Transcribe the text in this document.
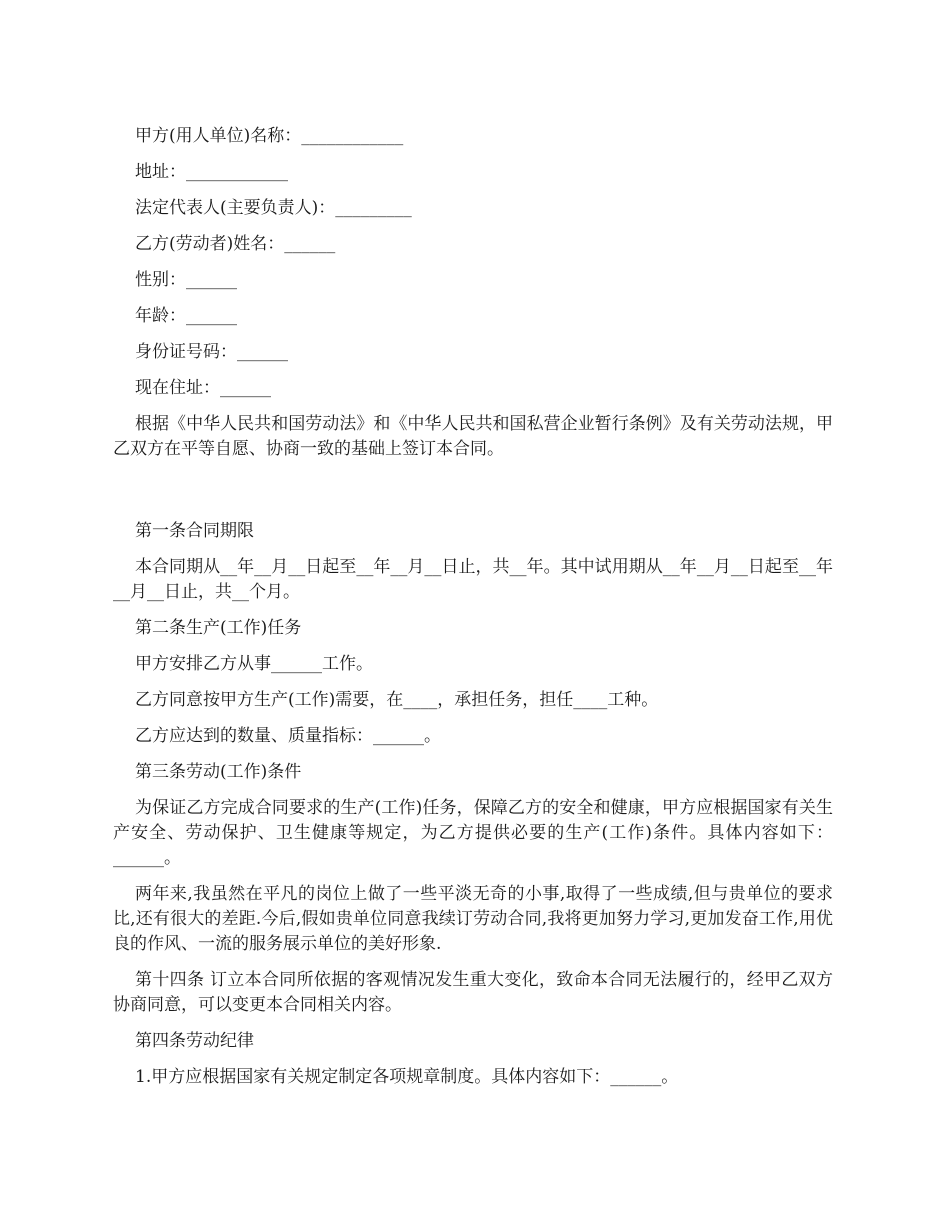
甲方(用人单位)名称：____________
地址：____________
法定代表人(主要负责人)：_________
乙方(劳动者)姓名：______
性别：______
年龄：______
身份证号码：______
现在住址：______

根据《中华人民共和国劳动法》和《中华人民共和国私营企业暂行条例》及有关劳动法规，甲乙双方在平等自愿、协商一致的基础上签订本合同。

第一条合同期限

本合同期从__年__月__日起至__年__月__日止，共__年。其中试用期从__年__月__日起至__年__月__日止，共__个月。

第二条生产(工作)任务
甲方安排乙方从事______工作。
乙方同意按甲方生产(工作)需要，在____，承担任务，担任____工种。
乙方应达到的数量、质量指标：______。
第三条劳动(工作)条件

为保证乙方完成合同要求的生产(工作)任务，保障乙方的安全和健康，甲方应根据国家有关生产安全、劳动保护、卫生健康等规定，为乙方提供必要的生产(工作)条件。具体内容如下：______。

两年来,我虽然在平凡的岗位上做了一些平淡无奇的小事,取得了一些成绩,但与贵单位的要求比,还有很大的差距.今后,假如贵单位同意我续订劳动合同,我将更加努力学习,更加发奋工作,用优良的作风、一流的服务展示单位的美好形象.

第十四条 订立本合同所依据的客观情况发生重大变化，致命本合同无法履行的，经甲乙双方协商同意，可以变更本合同相关内容。

第四条劳动纪律
1.甲方应根据国家有关规定制定各项规章制度。具体内容如下：______。
